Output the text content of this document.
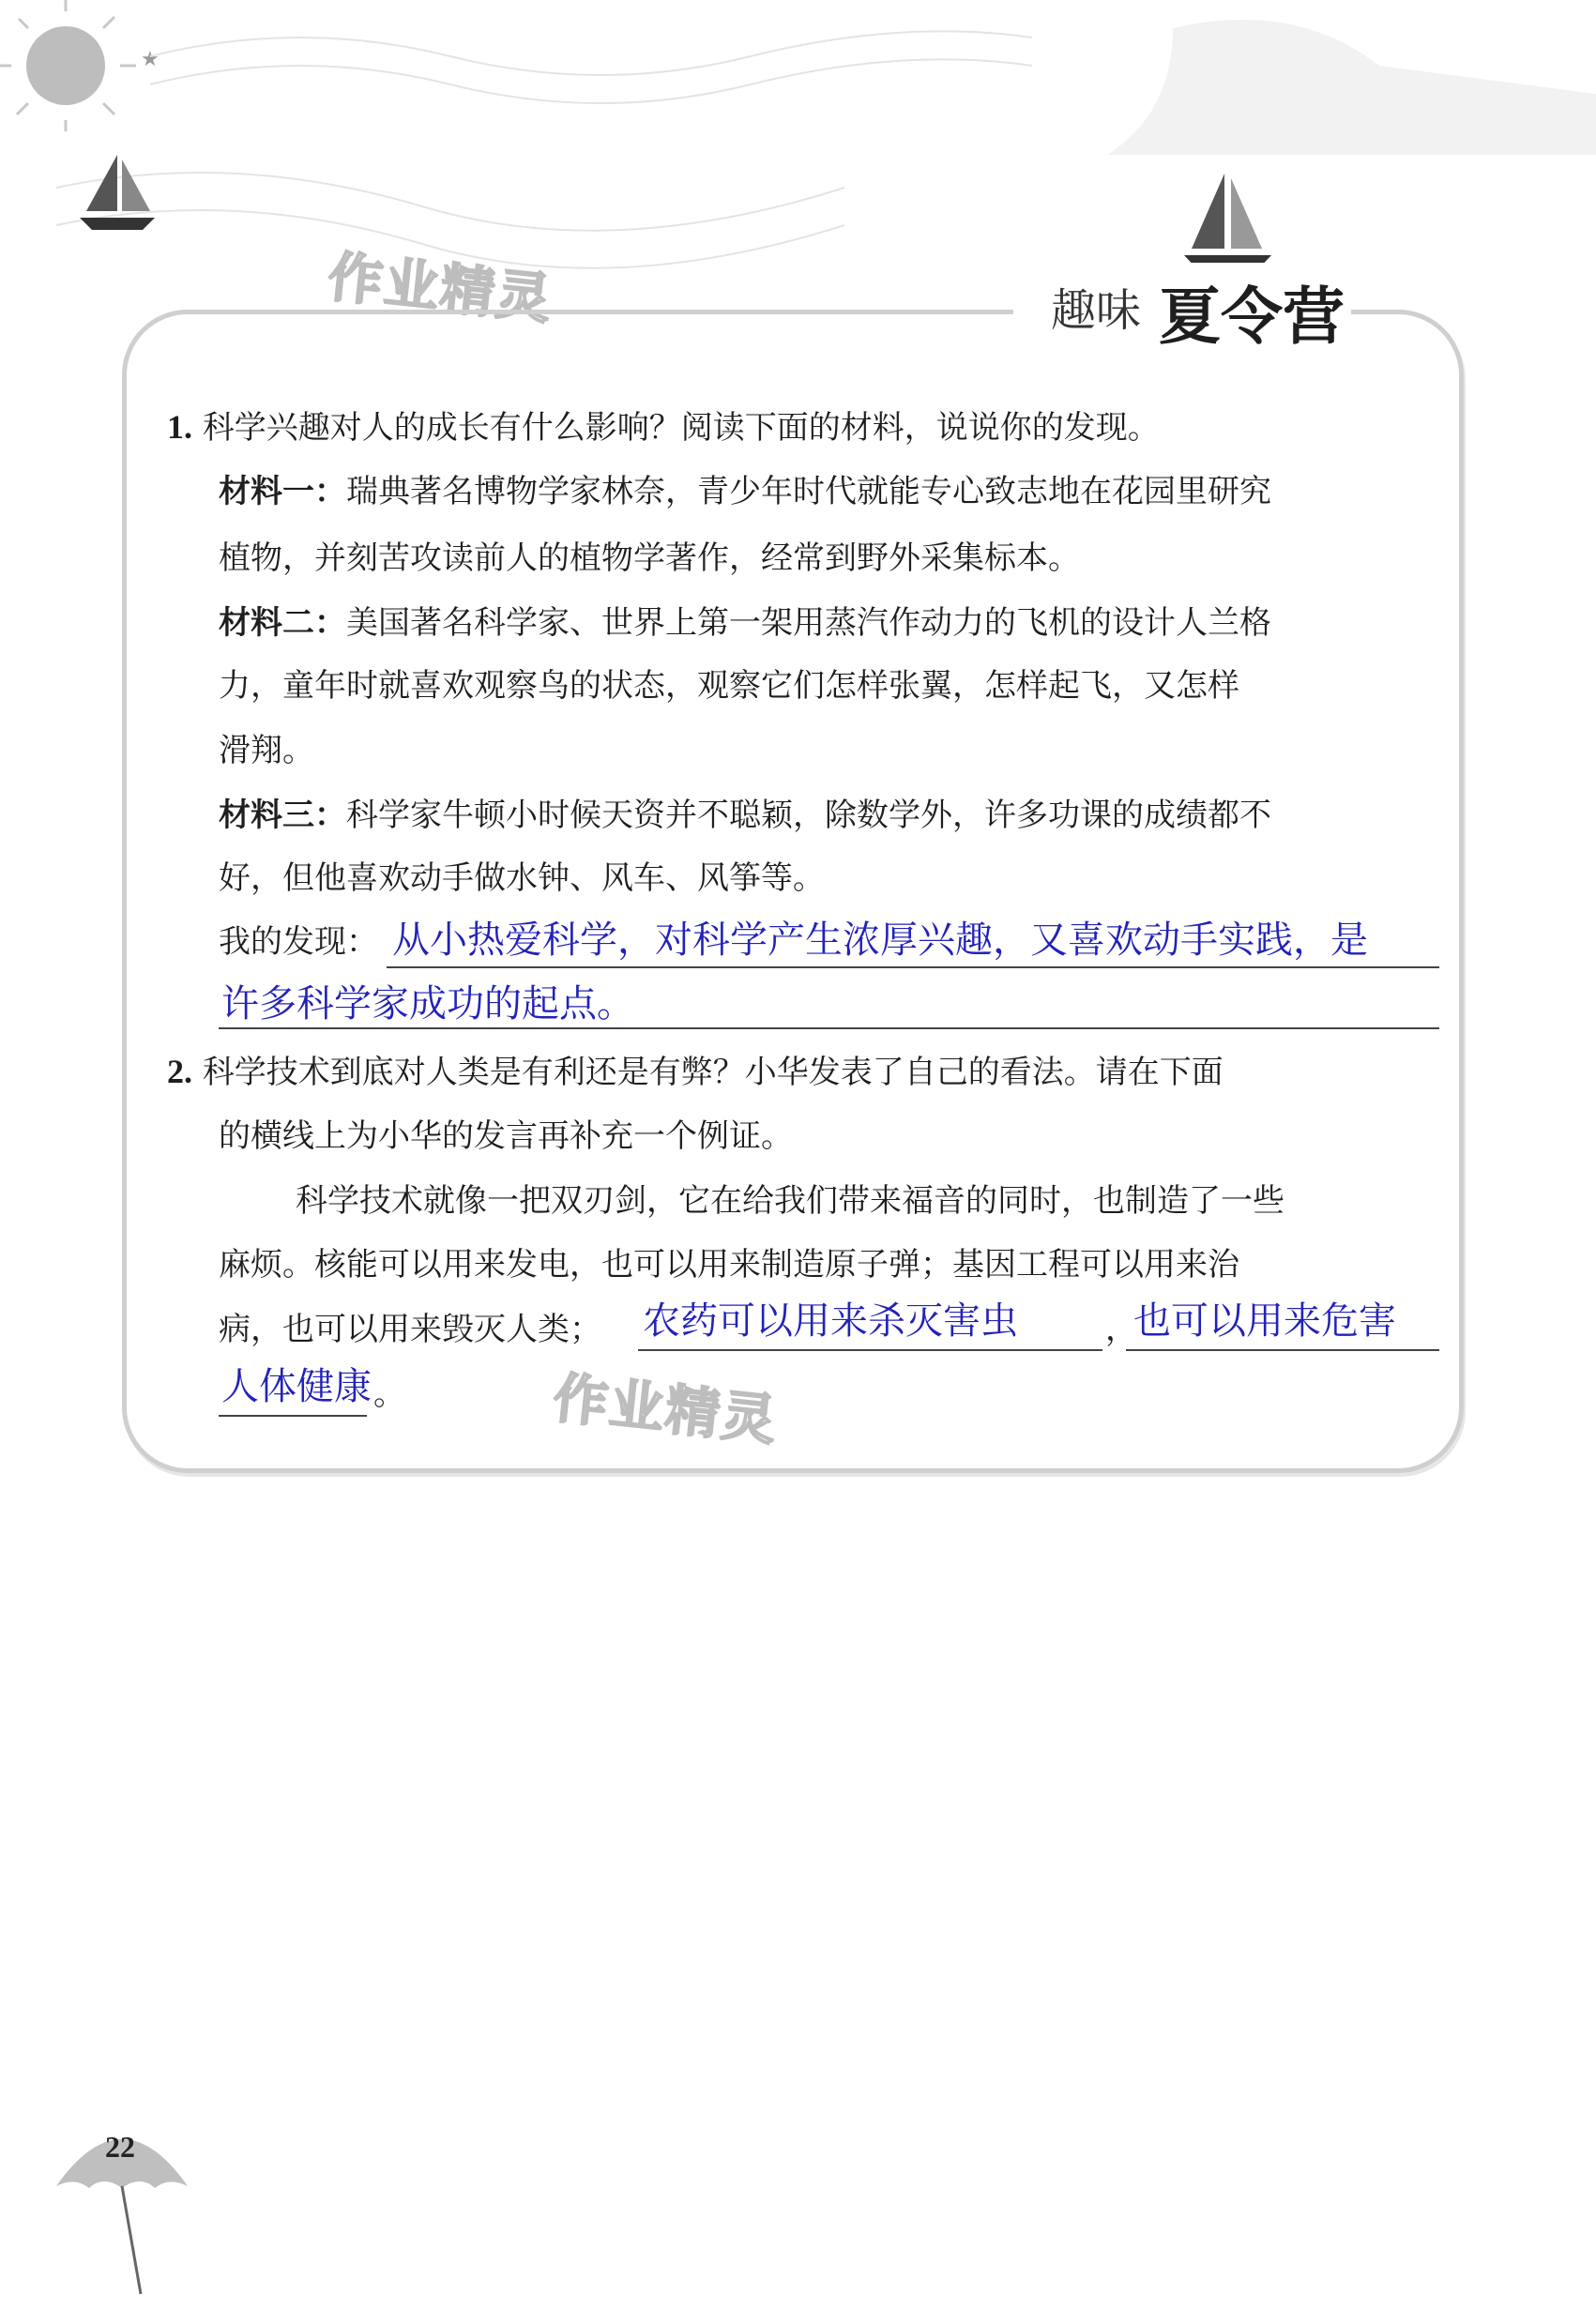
★
作业精灵	趣味 夏令营
1. 科学兴趣对人的成长有什么影响？阅读下面的材料，说说你的发现。
材料一：瑞典著名博物学家林奈，青少年时代就能专心致志地在花园里研究
植物，并刻苦攻读前人的植物学著作，经常到野外采集标本。
材料二：美国著名科学家、世界上第一架用蒸汽作动力的飞机的设计人兰格
力，童年时就喜欢观察鸟的状态，观察它们怎样张翼，怎样起飞，又怎样
滑翔。
材料三：科学家牛顿小时候天资并不聪颖，除数学外，许多功课的成绩都不
好，但他喜欢动手做水钟、风车、风筝等。
我的发现： 从小热爱科学，对科学产生浓厚兴趣，又喜欢动手实践，是
许多科学家成功的起点。
2. 科学技术到底对人类是有利还是有弊？小华发表了自己的看法。请在下面
的横线上为小华的发言再补充一个例证。
科学技术就像一把双刃剑，它在给我们带来福音的同时，也制造了一些
麻烦。核能可以用来发电，也可以用来制造原子弹；基因工程可以用来治
病，也可以用来毁灭人类； 农药可以用来杀灭害虫	，
也可以用来危害
人体健康 。	作业精灵
22
